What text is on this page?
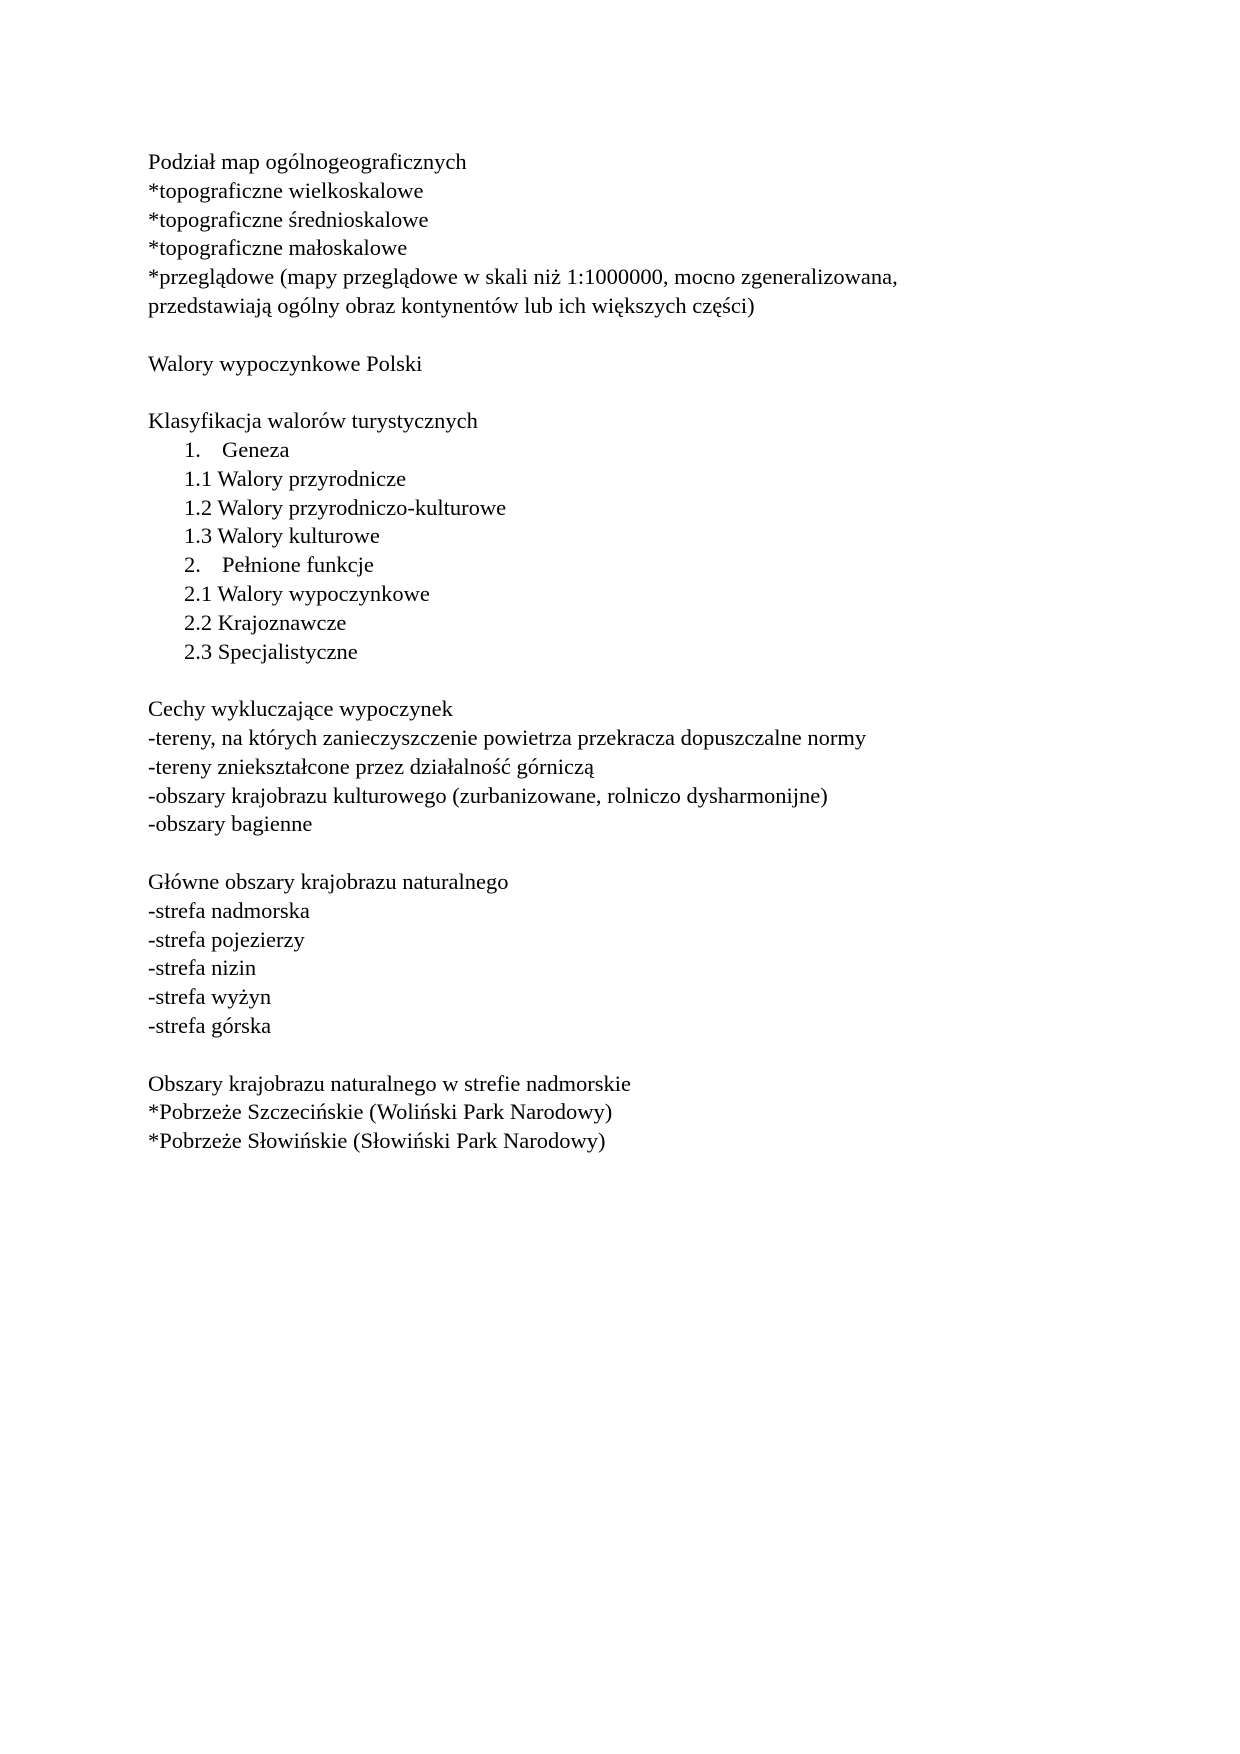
Podział map ogólnogeograficznych
*topograficzne wielkoskalowe
*topograficzne średnioskalowe
*topograficzne małoskalowe
*przeglądowe (mapy przeglądowe w skali niż 1:1000000, mocno zgeneralizowana,
przedstawiają ogólny obraz kontynentów lub ich większych części)
Walory wypoczynkowe Polski
Klasyfikacja walorów turystycznych
1. Geneza
1.1 Walory przyrodnicze
1.2 Walory przyrodniczo-kulturowe
1.3 Walory kulturowe
2. Pełnione funkcje
2.1 Walory wypoczynkowe
2.2 Krajoznawcze
2.3 Specjalistyczne
Cechy wykluczające wypoczynek
-tereny, na których zanieczyszczenie powietrza przekracza dopuszczalne normy
-tereny zniekształcone przez działalność górniczą
-obszary krajobrazu kulturowego (zurbanizowane, rolniczo dysharmonijne)
-obszary bagienne
Główne obszary krajobrazu naturalnego
-strefa nadmorska
-strefa pojezierzy
-strefa nizin
-strefa wyżyn
-strefa górska
Obszary krajobrazu naturalnego w strefie nadmorskie
*Pobrzeże Szczecińskie (Woliński Park Narodowy)
*Pobrzeże Słowińskie (Słowiński Park Narodowy)
